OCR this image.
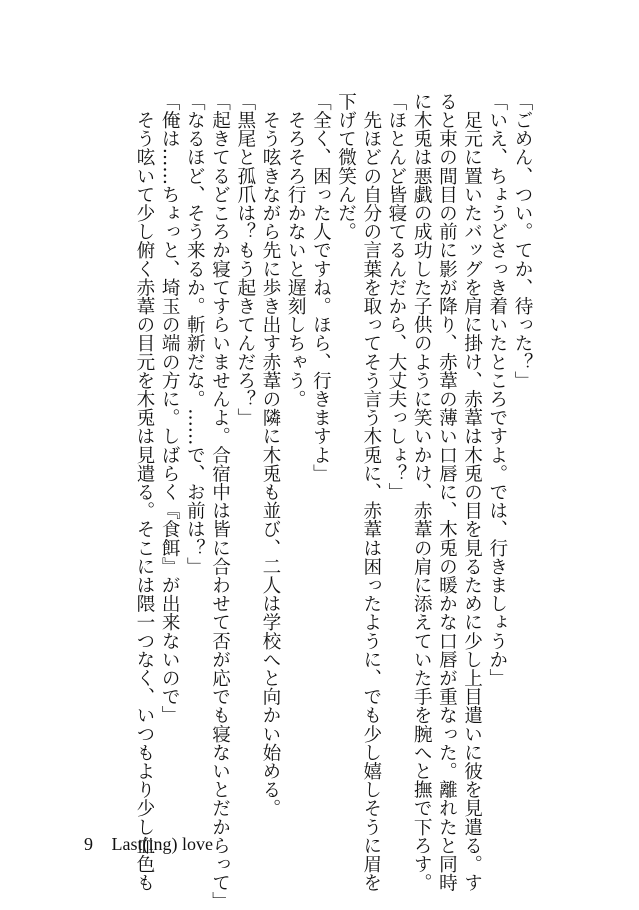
「ごめん、つい。てか、待った？」
「いえ、ちょうどさっき着いたところですよ。では、行きましょうか」
　足元に置いたバッグを肩に掛け、赤葦は木兎の目を見るために少し上目遣いに彼を見遣る。す
ると束の間目の前に影が降り、赤葦の薄い口唇に、木兎の暖かな口唇が重なった。離れたと同時
に木兎は悪戯の成功した子供のように笑いかけ、赤葦の肩に添えていた手を腕へと撫で下ろす。
「ほとんど皆寝てるんだから、大丈夫っしょ？」
　先ほどの自分の言葉を取ってそう言う木兎に、赤葦は困ったように、でも少し嬉しそうに眉を
下げて微笑んだ。
「全く、困った人ですね。ほら、行きますよ」
　そろそろ行かないと遅刻しちゃう。
　そう呟きながら先に歩き出す赤葦の隣に木兎も並び、二人は学校へと向かい始める。
「黒尾と孤爪は？もう起きてんだろ？」
「起きてるどころか寝てすらいませんよ。合宿中は皆に合わせて否が応でも寝ないとだからって」
「なるほど、そう来るか。斬新だな。……で、お前は？」
「俺は……ちょっと、埼玉の端の方に。しばらく『食餌』が出来ないので」
　そう呟いて少し俯く赤葦の目元を木兎は見遣る。そこには隈一つなく、いつもより少し血色も
9 Last(ing) love
